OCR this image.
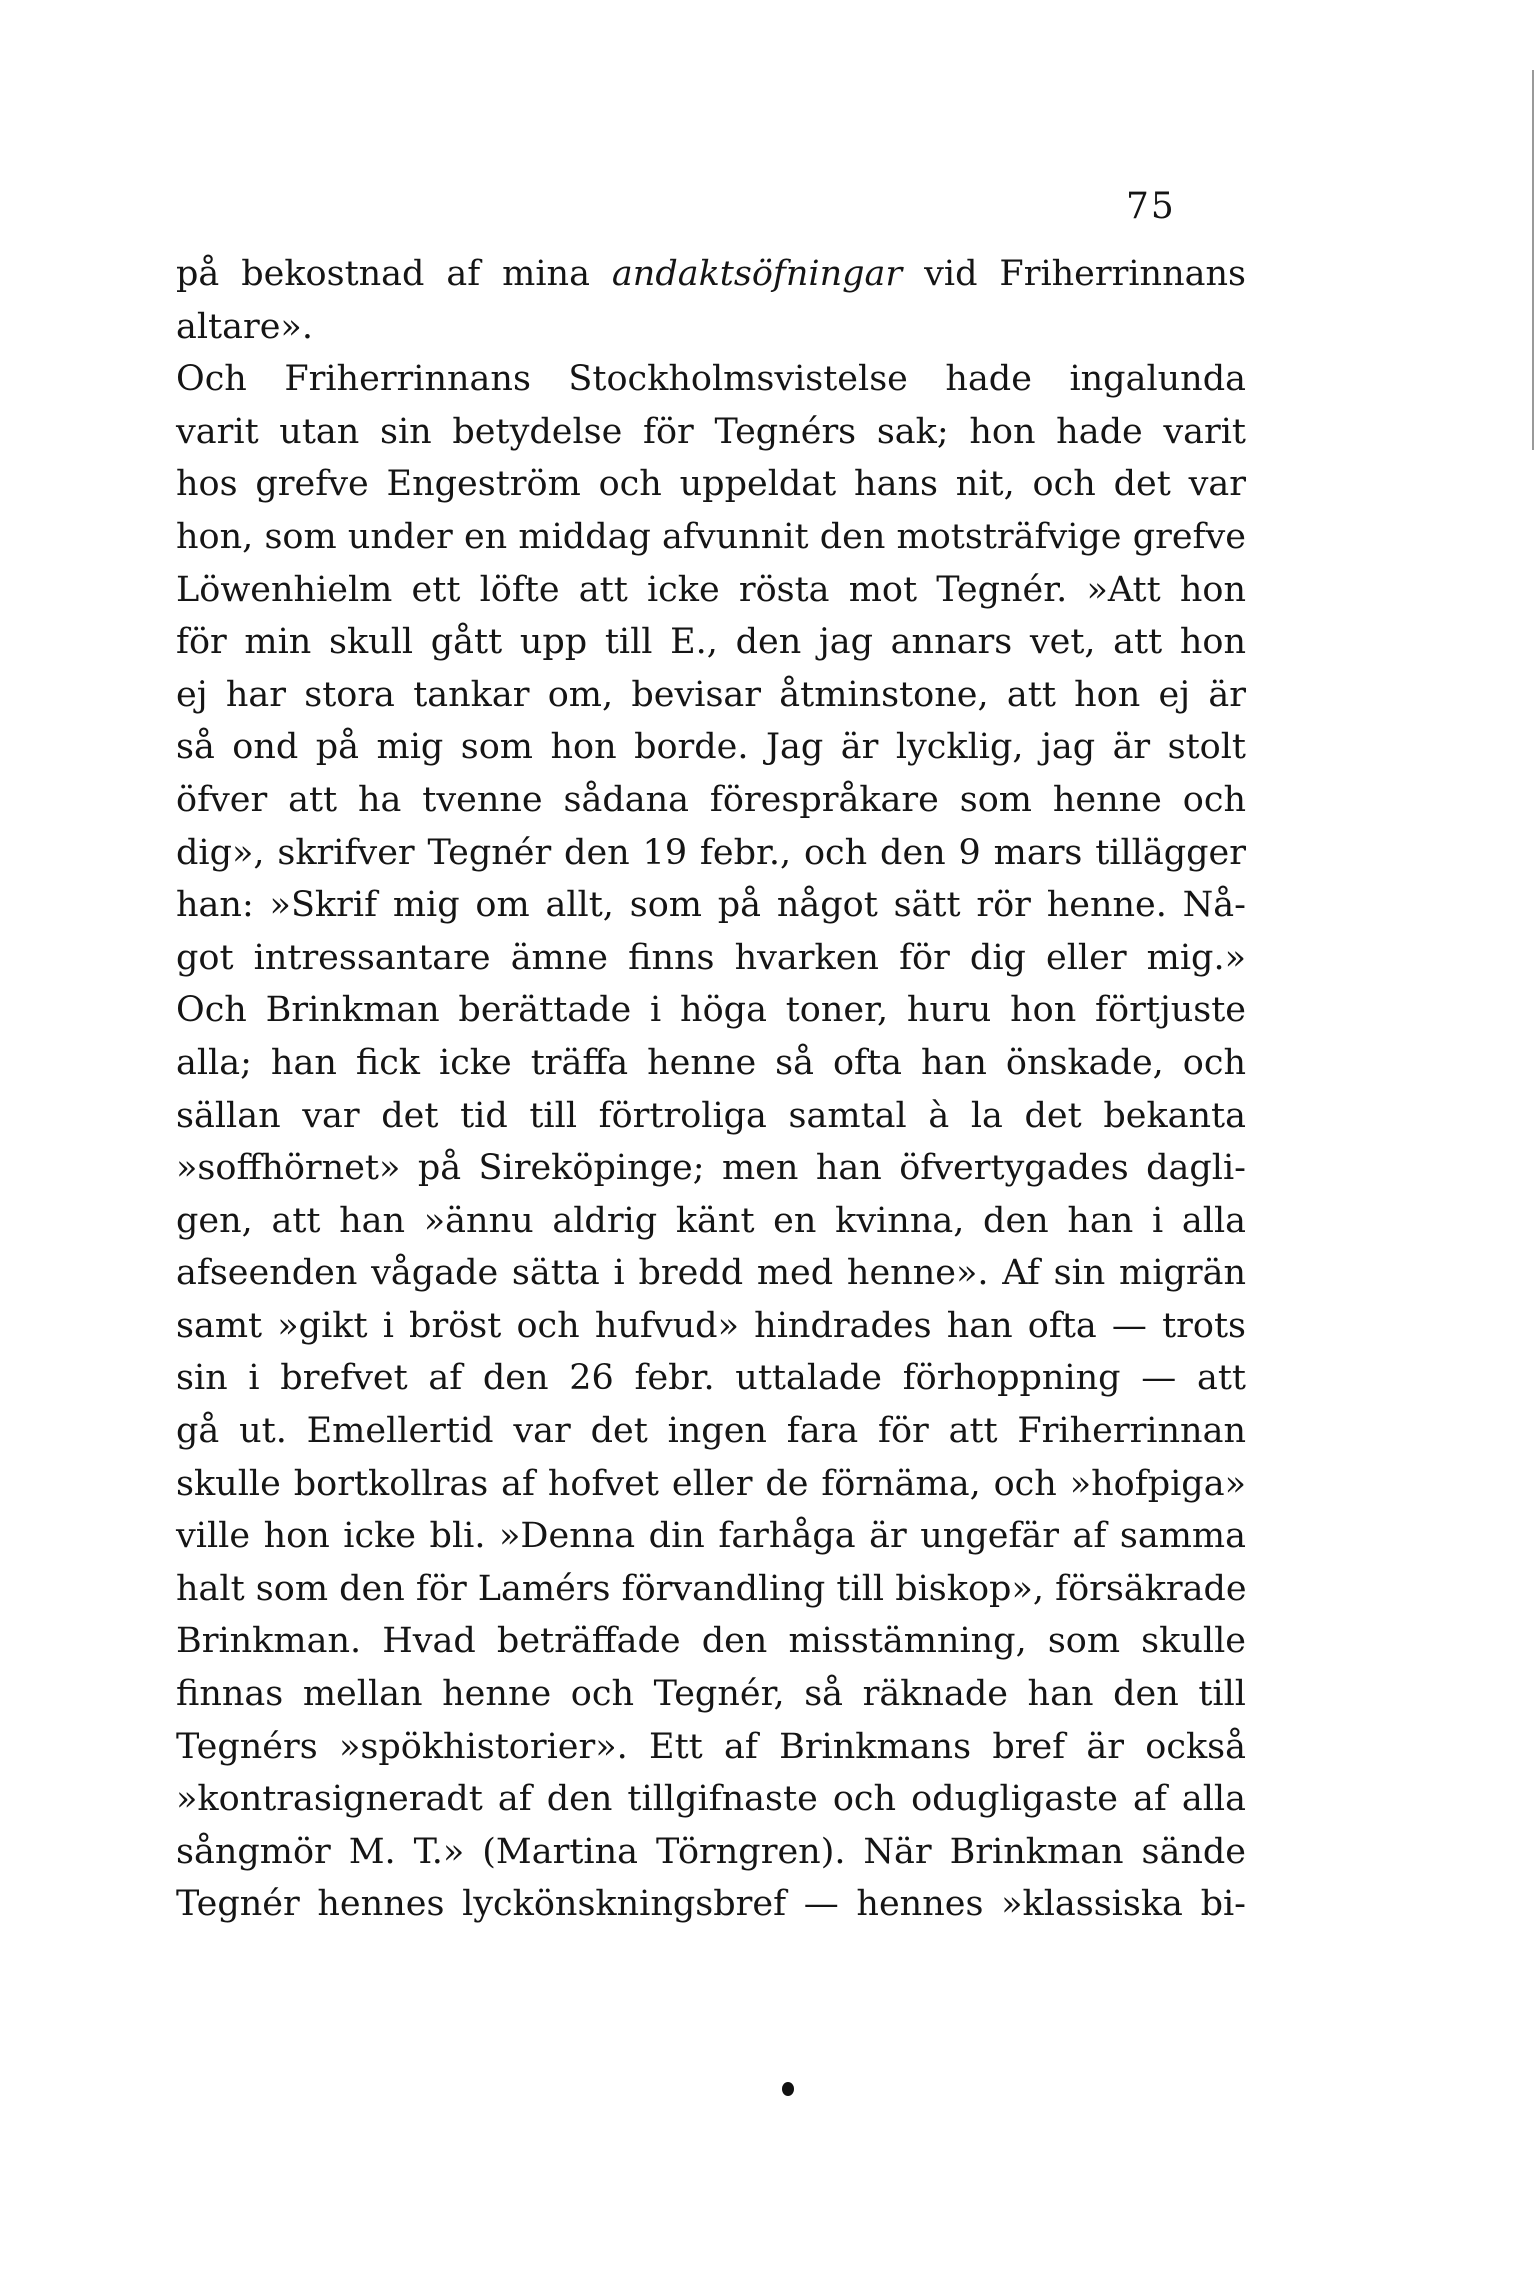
75
på bekostnad af mina andaktsöfningar vid Friherrinnans
altare».
Och Friherrinnans Stockholmsvistelse hade ingalunda
varit utan sin betydelse för Tegnérs sak; hon hade varit
hos grefve Engeström och uppeldat hans nit, och det var
hon, som under en middag afvunnit den motsträfvige grefve
Löwenhielm ett löfte att icke rösta mot Tegnér. »Att hon
för min skull gått upp till E., den jag annars vet, att hon
ej har stora tankar om, bevisar åtminstone, att hon ej är
så ond på mig som hon borde. Jag är lycklig, jag är stolt
öfver att ha tvenne sådana förespråkare som henne och
dig», skrifver Tegnér den 19 febr., och den 9 mars tillägger
han: »Skrif mig om allt, som på något sätt rör henne. Nå-
got intressantare ämne finns hvarken för dig eller mig.»
Och Brinkman berättade i höga toner, huru hon förtjuste
alla; han fick icke träffa henne så ofta han önskade, och
sällan var det tid till förtroliga samtal à la det bekanta
»soffhörnet» på Sireköpinge; men han öfvertygades dagli-
gen, att han »ännu aldrig känt en kvinna, den han i alla
afseenden vågade sätta i bredd med henne». Af sin migrän
samt »gikt i bröst och hufvud» hindrades han ofta — trots
sin i brefvet af den 26 febr. uttalade förhoppning — att
gå ut. Emellertid var det ingen fara för att Friherrinnan
skulle bortkollras af hofvet eller de förnäma, och »hofpiga»
ville hon icke bli. »Denna din farhåga är ungefär af samma
halt som den för Lamérs förvandling till biskop», försäkrade
Brinkman. Hvad beträffade den misstämning, som skulle
finnas mellan henne och Tegnér, så räknade han den till
Tegnérs »spökhistorier». Ett af Brinkmans bref är också
»kontrasigneradt af den tillgifnaste och odugligaste af alla
sångmör M. T.» (Martina Törngren). När Brinkman sände
Tegnér hennes lyckönskningsbref — hennes »klassiska bi-
